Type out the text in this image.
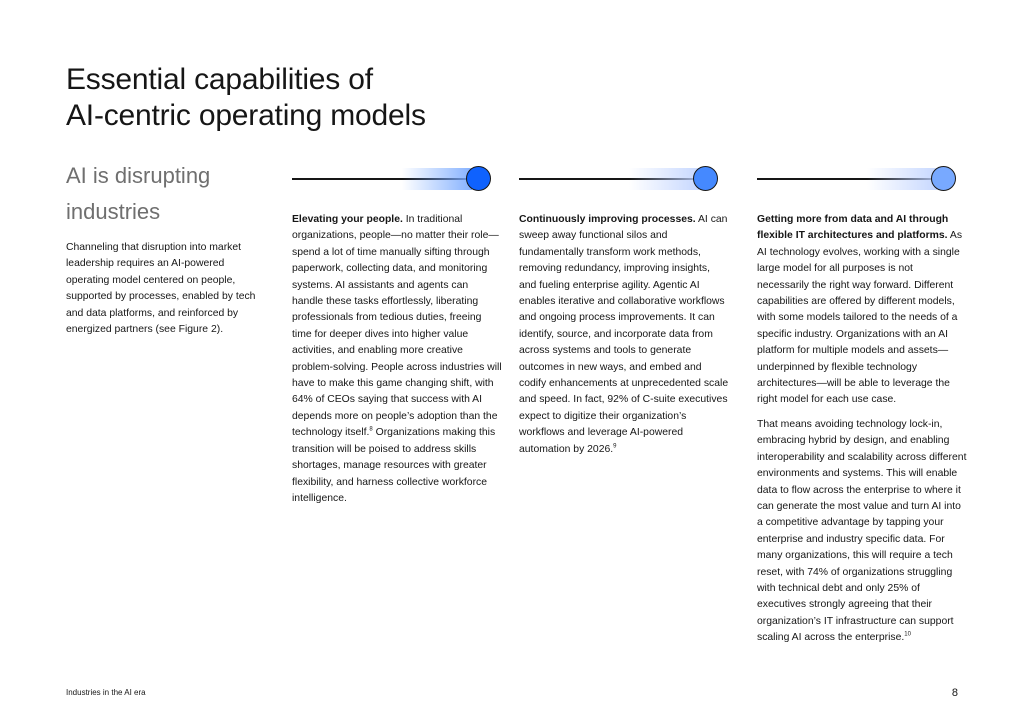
Essential capabilities of
AI-centric operating models
AI is disrupting industries

Channeling that disruption into market leadership requires an AI-powered operating model centered on people, supported by processes, enabled by tech and data platforms, and reinforced by energized partners (see Figure 2).

Elevating your people. In traditional organizations, people—no matter their role—spend a lot of time manually sifting through paperwork, collecting data, and monitoring systems. AI assistants and agents can handle these tasks effortlessly, liberating professionals from tedious duties, freeing time for deeper dives into higher value activities, and enabling more creative problem-solving. People across industries will have to make this game changing shift, with 64% of CEOs saying that success with AI depends more on people’s adoption than the technology itself.$^8$ Organizations making this transition will be poised to address skills shortages, manage resources with greater flexibility, and harness collective workforce intelligence.

Continuously improving processes. AI can sweep away functional silos and fundamentally transform work methods, removing redundancy, improving insights, and fueling enterprise agility. Agentic AI enables iterative and collaborative workflows and ongoing process improvements. It can identify, source, and incorporate data from across systems and tools to generate outcomes in new ways, and embed and codify enhancements at unprecedented scale and speed. In fact, 92% of C-suite executives expect to digitize their organization’s workflows and leverage AI-powered automation by 2026.$^9$

Getting more from data and AI through flexible IT architectures and platforms. As AI technology evolves, working with a single large model for all purposes is not necessarily the right way forward. Different capabilities are offered by different models, with some models tailored to the needs of a specific industry. Organizations with an AI platform for multiple models and assets—underpinned by flexible technology architectures—will be able to leverage the right model for each use case.

That means avoiding technology lock-in, embracing hybrid by design, and enabling interoperability and scalability across different environments and systems. This will enable data to flow across the enterprise to where it can generate the most value and turn AI into a competitive advantage by tapping your enterprise and industry specific data. For many organizations, this will require a tech reset, with 74% of organizations struggling with technical debt and only 25% of executives strongly agreeing that their organization’s IT infrastructure can support scaling AI across the enterprise.$^{10}$

Industries in the AI era	8
